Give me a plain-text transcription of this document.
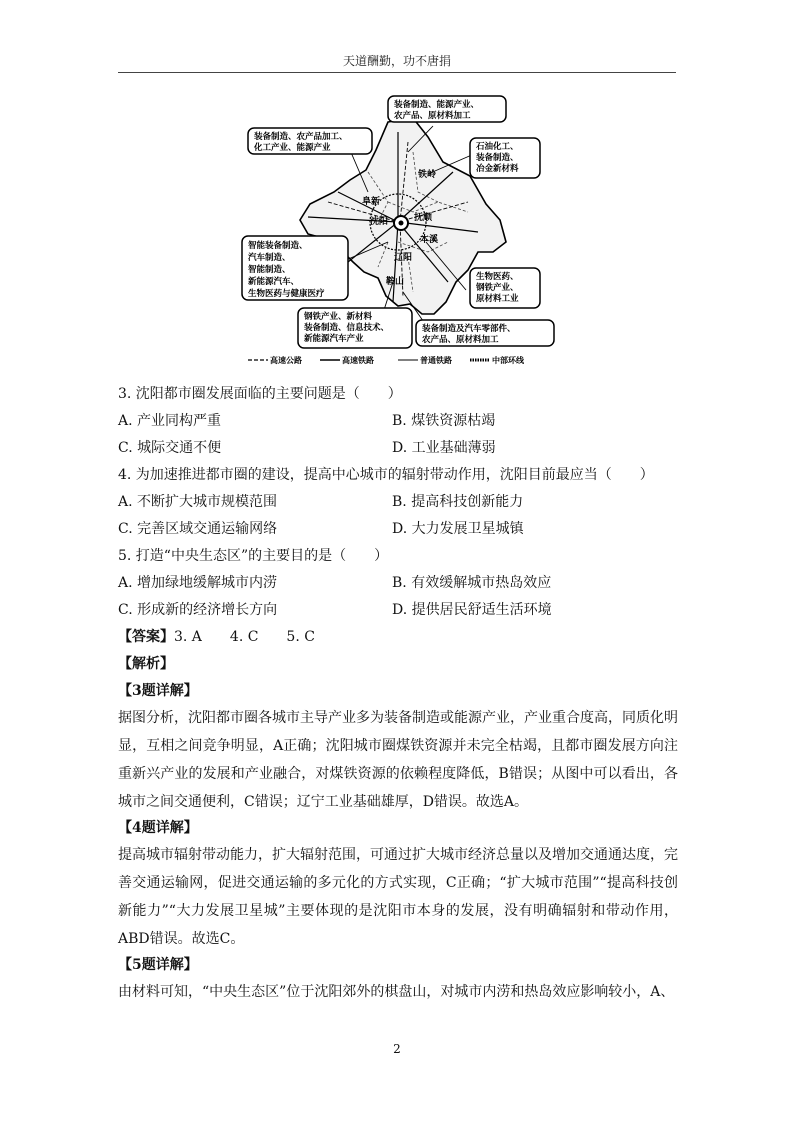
天道酬勤，功不唐捐
阜新
铁岭
沈阳	抚顺
本溪
辽阳
鞍山
装备制造、能源产业、
农产品、原材料加工
装备制造、农产品加工、
化工产业、能源产业	石油化工、
装备制造、
冶金新材料
智能装备制造、
汽车制造、
智能制造、
新能源汽车、
生物医药与健康医疗
生物医药、
钢铁产业、
原材料工业
钢铁产业、新材料
装备制造、信息技术、
新能源汽车产业
装备制造及汽车零部件、
农产品、原材料加工
高速公路	高速铁路	普通铁路	中部环线
3. 沈阳都市圈发展面临的主要问题是（　　）
A. 产业同构严重	B. 煤铁资源枯竭
C. 城际交通不便	D. 工业基础薄弱
4. 为加速推进都市圈的建设，提高中心城市的辐射带动作用，沈阳目前最应当（　　）
A. 不断扩大城市规模范围	B. 提高科技创新能力
C. 完善区域交通运输网络	D. 大力发展卫星城镇
5. 打造“中央生态区”的主要目的是（　　）
A. 增加绿地缓解城市内涝	B. 有效缓解城市热岛效应
C. 形成新的经济增长方向	D. 提供居民舒适生活环境
【答案】3. A　　4. C　　5. C
【解析】
【3题详解】
据图分析，沈阳都市圈各城市主导产业多为装备制造或能源产业，产业重合度高，同质化明显，互相之间竞争明显，A正确；沈阳城市圈煤铁资源并未完全枯竭，且都市圈发展方向注重新兴产业的发展和产业融合，对煤铁资源的依赖程度降低，B错误；从图中可以看出，各城市之间交通便利，C错误；辽宁工业基础雄厚，D错误。故选A。
【4题详解】
提高城市辐射带动能力，扩大辐射范围，可通过扩大城市经济总量以及增加交通通达度，完善交通运输网，促进交通运输的多元化的方式实现，C正确；“扩大城市范围”“提高科技创新能力”“大力发展卫星城”主要体现的是沈阳市本身的发展，没有明确辐射和带动作用，ABD错误。故选C。
【5题详解】
由材料可知，“中央生态区”位于沈阳郊外的棋盘山，对城市内涝和热岛效应影响较小，A、
2
